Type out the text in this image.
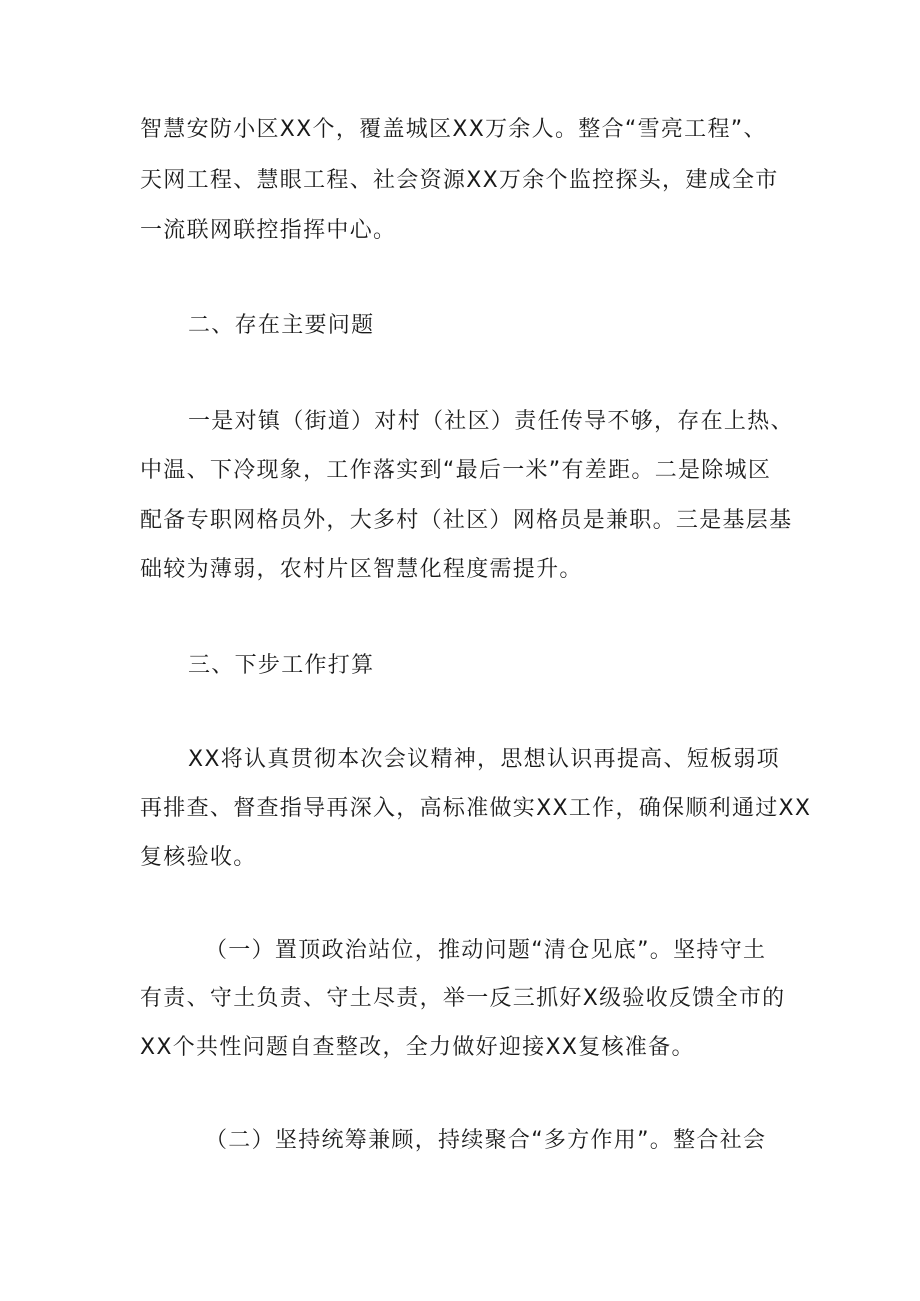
智慧安防小区XX个，覆盖城区XX万余人。整合“雪亮工程”、
天网工程、慧眼工程、社会资源XX万余个监控探头，建成全市
一流联网联控指挥中心。
二、存在主要问题
一是对镇（街道）对村（社区）责任传导不够，存在上热、
中温、下冷现象，工作落实到“最后一米”有差距。二是除城区
配备专职网格员外，大多村（社区）网格员是兼职。三是基层基
础较为薄弱，农村片区智慧化程度需提升。
三、下步工作打算
XX将认真贯彻本次会议精神，思想认识再提高、短板弱项
再排查、督查指导再深入，高标准做实XX工作，确保顺利通过XX
复核验收。
（一）置顶政治站位，推动问题“清仓见底”。坚持守土
有责、守土负责、守土尽责，举一反三抓好X级验收反馈全市的
XX个共性问题自查整改，全力做好迎接XX复核准备。
（二）坚持统筹兼顾，持续聚合“多方作用”。整合社会
